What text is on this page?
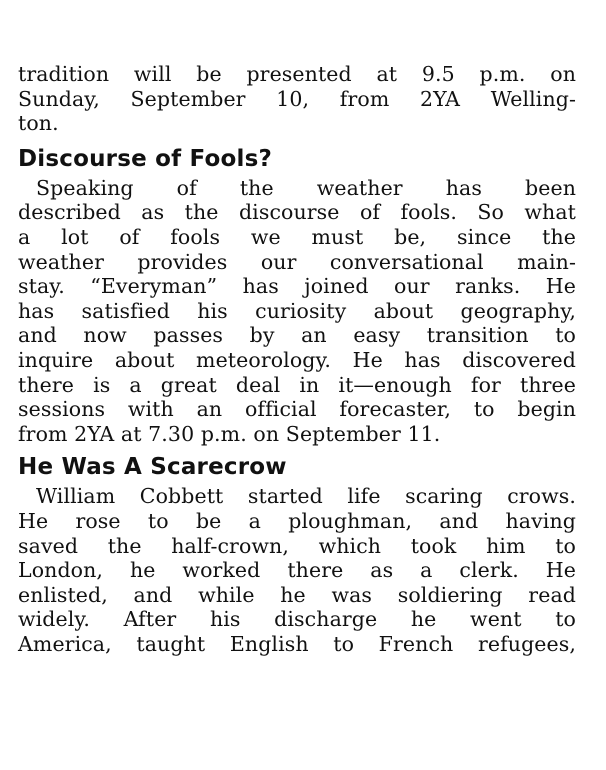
tradition will be presented at 9.5 p.m. on
Sunday, September 10, from 2YA Welling-
ton.

Discourse of Fools?

Speaking of the weather has been
described as the discourse of fools. So what
a lot of fools we must be, since the
weather provides our conversational main-
stay. “Everyman” has joined our ranks. He
has satisfied his curiosity about geography,
and now passes by an easy transition to
inquire about meteorology. He has discovered
there is a great deal in it—enough for three
sessions with an official forecaster, to begin
from 2YA at 7.30 p.m. on September 11.

He Was A Scarecrow

William Cobbett started life scaring crows.
He rose to be a ploughman, and having
saved the half-crown, which took him to
London, he worked there as a clerk. He
enlisted, and while he was soldiering read
widely. After his discharge he went to
America, taught English to French refugees,
